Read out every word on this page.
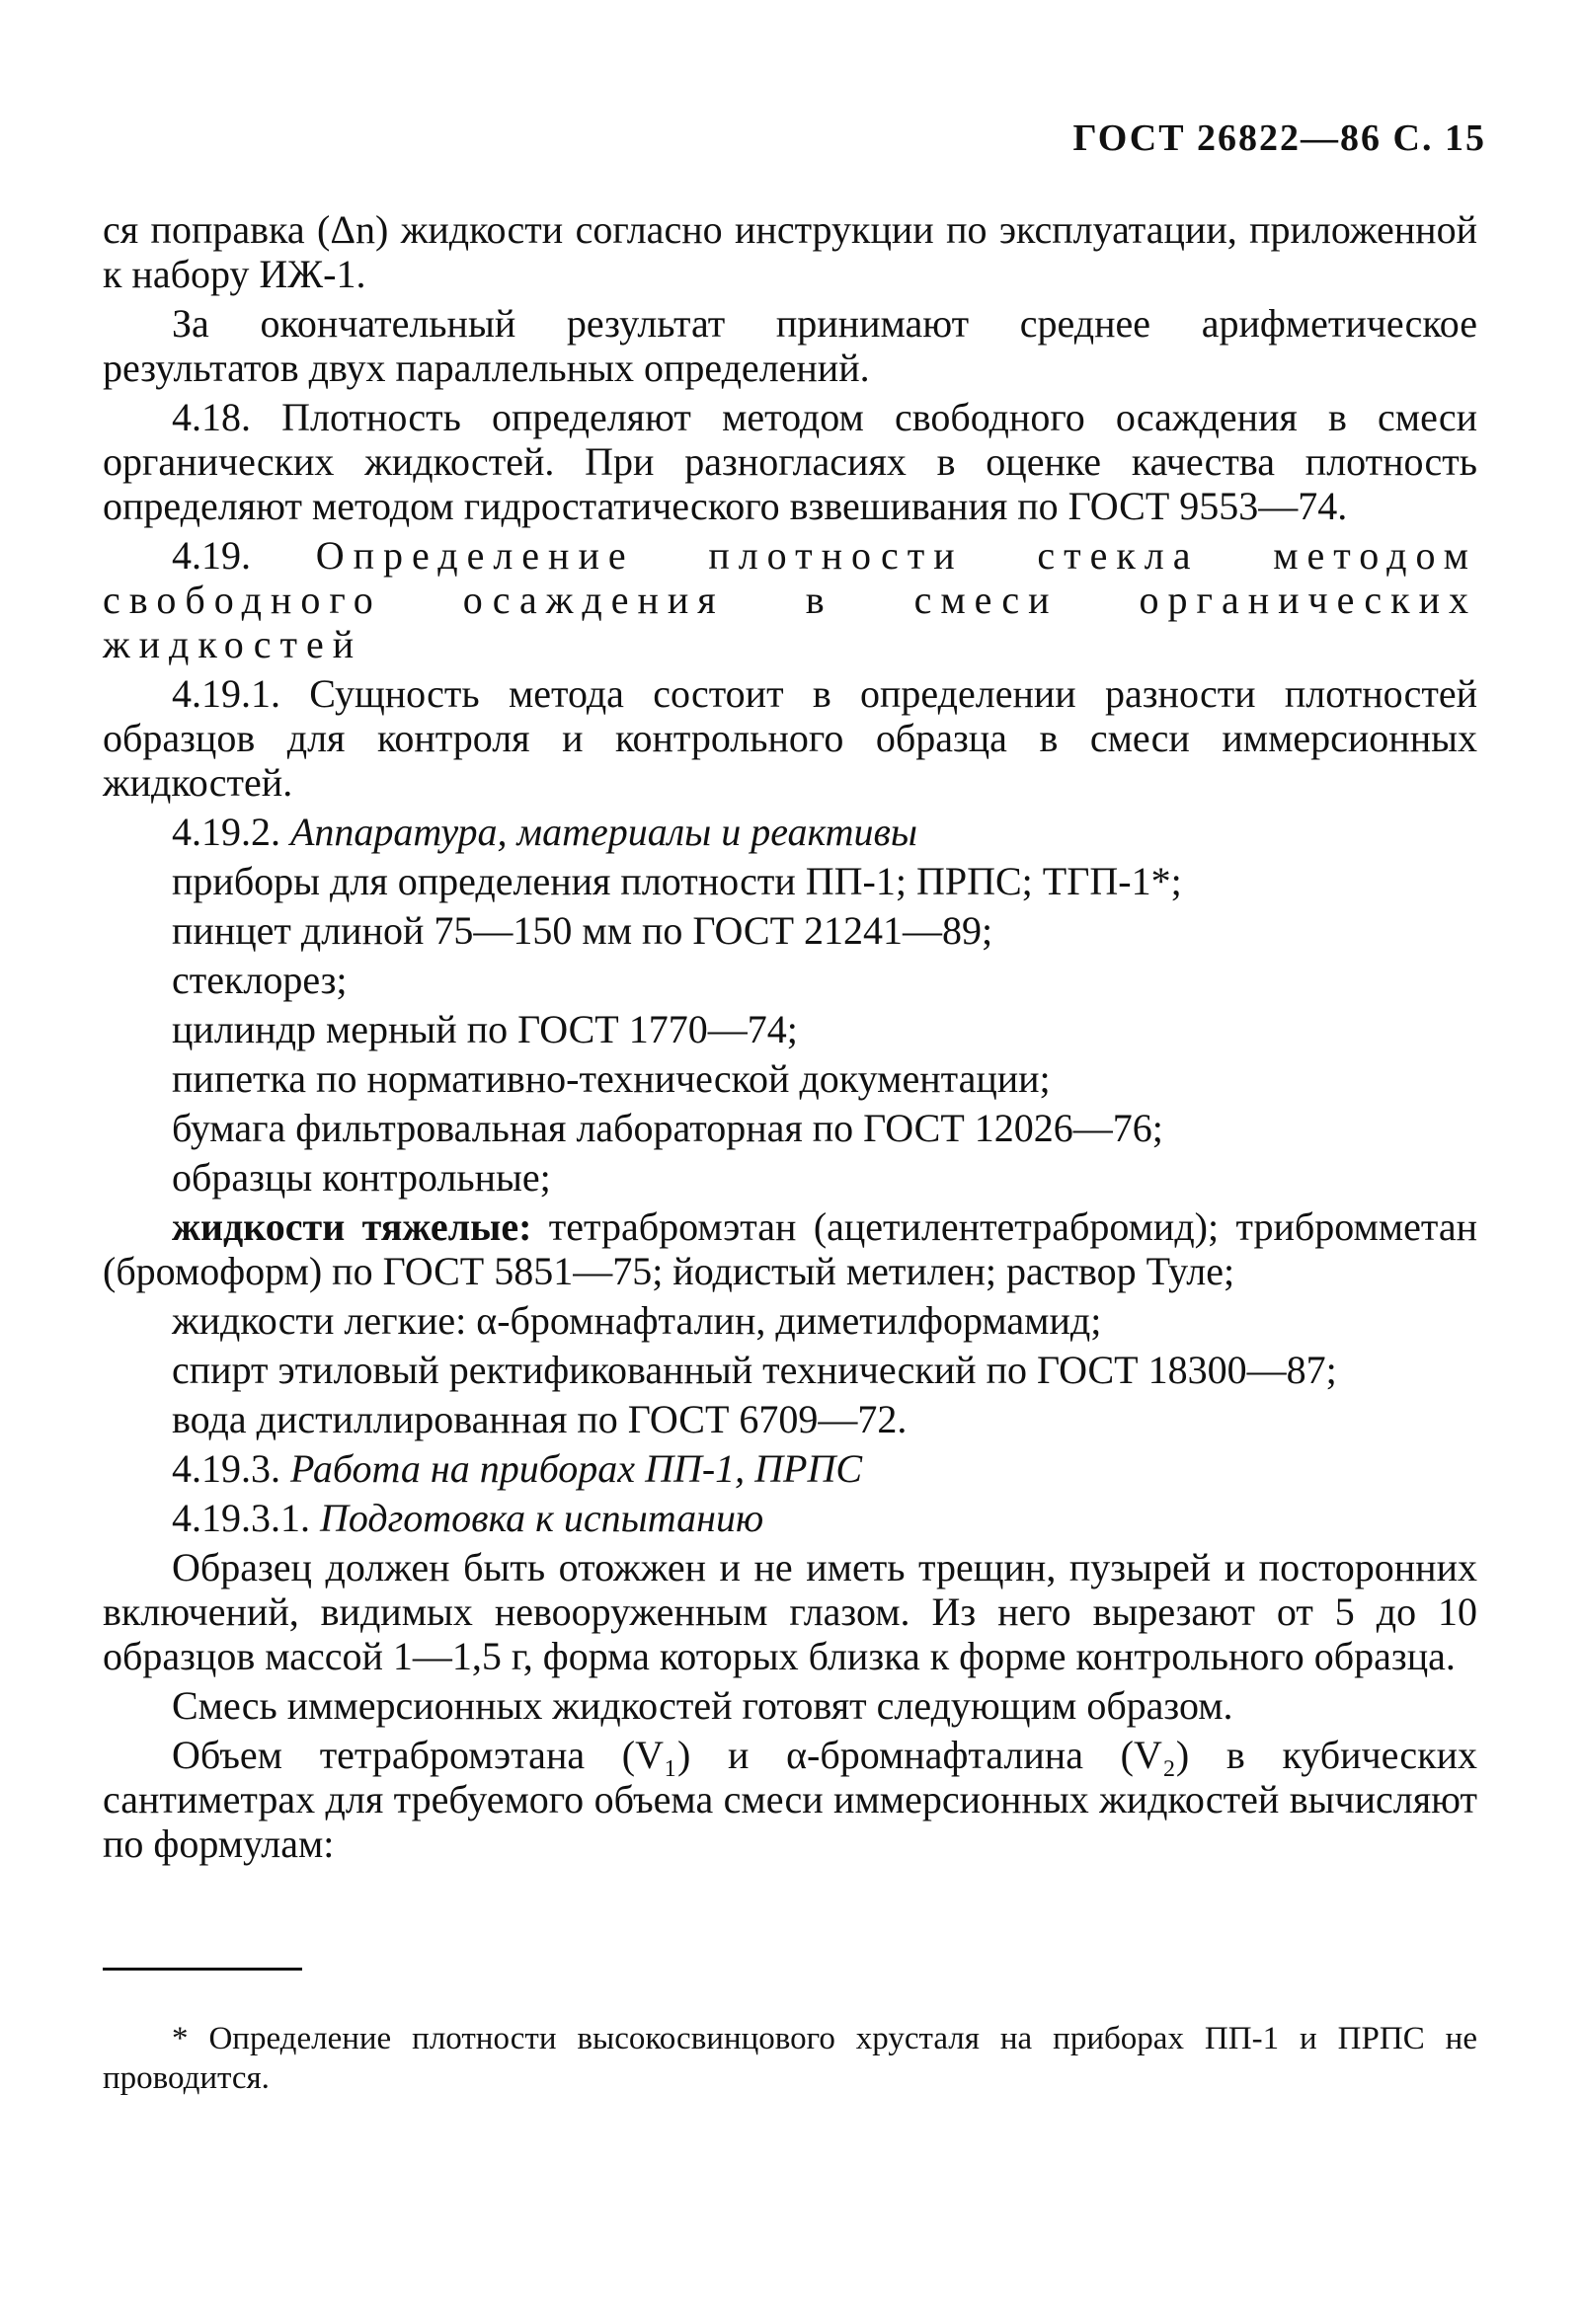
ГОСТ 26822—86 С. 15

ся поправка (Δn) жидкости согласно инструкции по эксплуатации, приложенной к набору ИЖ-1.

За окончательный результат принимают среднее арифметическое результатов двух параллельных определений.

4.18. Плотность определяют методом свободного осаждения в смеси органических жидкостей. При разногласиях в оценке качества плотность определяют методом гидростатического взвешивания по ГОСТ 9553—74.

4.19. Определение плотности стекла методом свободного осаждения в смеси органических жидкостей

4.19.1. Сущность метода состоит в определении разности плотностей образцов для контроля и контрольного образца в смеси иммерсионных жидкостей.

4.19.2. Аппаратура, материалы и реактивы

приборы для определения плотности ПП-1; ПРПС; ТГП-1*;

пинцет длиной 75—150 мм по ГОСТ 21241—89;

стеклорез;

цилиндр мерный по ГОСТ 1770—74;

пипетка по нормативно-технической документации;

бумага фильтровальная лабораторная по ГОСТ 12026—76;

образцы контрольные;

жидкости тяжелые: тетрабромэтан (ацетилентетрабромид); трибромметан (бромоформ) по ГОСТ 5851—75; йодистый метилен; раствор Туле;

жидкости легкие: α-бромнафталин, диметилформамид;

спирт этиловый ректификованный технический по ГОСТ 18300—87;

вода дистиллированная по ГОСТ 6709—72.

4.19.3. Работа на приборах ПП-1, ПРПС

4.19.3.1. Подготовка к испытанию

Образец должен быть отожжен и не иметь трещин, пузырей и посторонних включений, видимых невооруженным глазом. Из него вырезают от 5 до 10 образцов массой 1—1,5 г, форма которых близка к форме контрольного образца.

Смесь иммерсионных жидкостей готовят следующим образом.

Объем тетрабромэтана (V₁) и α-бромнафталина (V₂) в кубических сантиметрах для требуемого объема смеси иммерсионных жидкостей вычисляют по формулам:

* Определение плотности высокосвинцового хрусталя на приборах ПП-1 и ПРПС не проводится.
